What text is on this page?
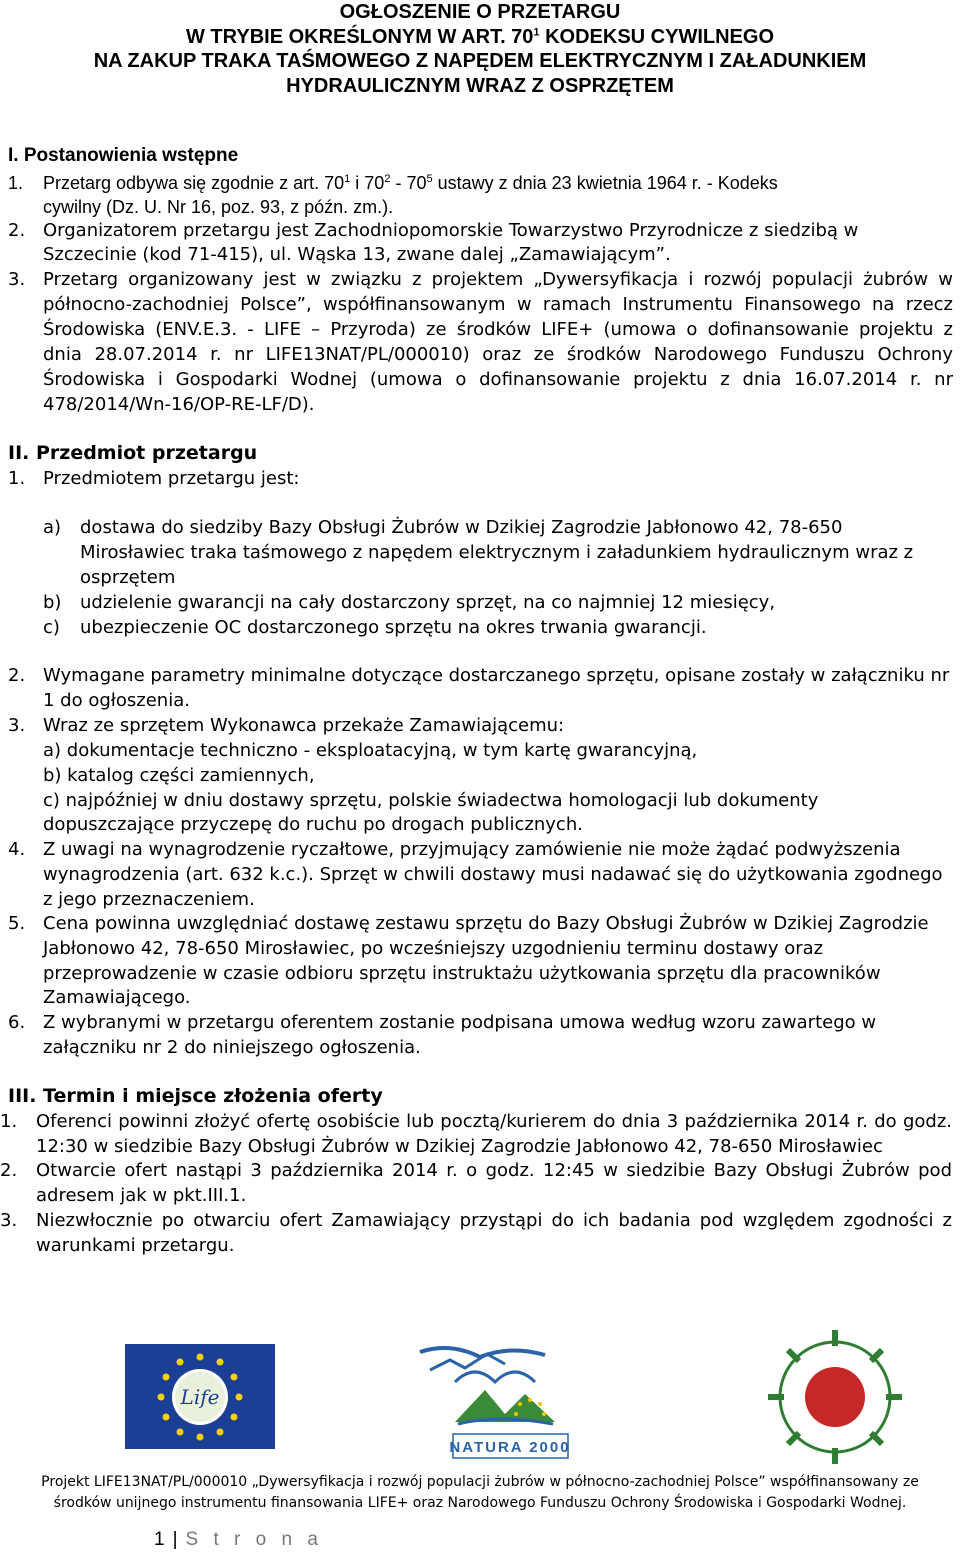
OGŁOSZENIE O PRZETARGU
W TRYBIE OKREŚLONYM W ART. $70^1$ KODEKSU CYWILNEGO
NA ZAKUP TRAKA TAŚMOWEGO Z NAPĘDEM ELEKTRYCZNYM I ZAŁADUNKIEM
HYDRAULICZNYM WRAZ Z OSPRZĘTEM
I. Postanowienia wstępne
1. Przetarg odbywa się zgodnie z art. $70^1$ i $70^2 - 70^5$ ustawy z dnia 23 kwietnia 1964 r. - Kodeks
cywilny (Dz. U. Nr 16, poz. 93, z późn. zm.).
2. Organizatorem przetargu jest Zachodniopomorskie Towarzystwo Przyrodnicze z siedzibą w
Szczecinie (kod 71-415), ul. Wąska 13, zwane dalej „Zamawiającym”.
3. Przetarg organizowany jest w związku z projektem „Dywersyfikacja i rozwój populacji żubrów w
północno-zachodniej Polsce”, współfinansowanym w ramach Instrumentu Finansowego na rzecz
Środowiska (ENV.E.3. - LIFE – Przyroda) ze środków LIFE+ (umowa o dofinansowanie projektu z
dnia 28.07.2014 r. nr LIFE13NAT/PL/000010) oraz ze środków Narodowego Funduszu Ochrony
Środowiska i Gospodarki Wodnej (umowa o dofinansowanie projektu z dnia 16.07.2014 r. nr
478/2014/Wn-16/OP-RE-LF/D).
II. Przedmiot przetargu
1. Przedmiotem przetargu jest:
a) dostawa do siedziby Bazy Obsługi Żubrów w Dzikiej Zagrodzie Jabłonowo 42, 78-650
Mirosławiec traka taśmowego z napędem elektrycznym i załadunkiem hydraulicznym wraz z
osprzętem
b) udzielenie gwarancji na cały dostarczony sprzęt, na co najmniej 12 miesięcy,
c) ubezpieczenie OC dostarczonego sprzętu na okres trwania gwarancji.
2. Wymagane parametry minimalne dotyczące dostarczanego sprzętu, opisane zostały w załączniku nr
1 do ogłoszenia.
3. Wraz ze sprzętem Wykonawca przekaże Zamawiającemu:
a) dokumentacje techniczno - eksploatacyjną, w tym kartę gwarancyjną,
b) katalog części zamiennych,
c) najpóźniej w dniu dostawy sprzętu, polskie świadectwa homologacji lub dokumenty
dopuszczające przyczepę do ruchu po drogach publicznych.
4. Z uwagi na wynagrodzenie ryczałtowe, przyjmujący zamówienie nie może żądać podwyższenia
wynagrodzenia (art. 632 k.c.). Sprzęt w chwili dostawy musi nadawać się do użytkowania zgodnego
z jego przeznaczeniem.
5. Cena powinna uwzględniać dostawę zestawu sprzętu do Bazy Obsługi Żubrów w Dzikiej Zagrodzie
Jabłonowo 42, 78-650 Mirosławiec, po wcześniejszy uzgodnieniu terminu dostawy oraz
przeprowadzenie w czasie odbioru sprzętu instruktażu użytkowania sprzętu dla pracowników
Zamawiającego.
6. Z wybranymi w przetargu oferentem zostanie podpisana umowa według wzoru zawartego w
załączniku nr 2 do niniejszego ogłoszenia.
III. Termin i miejsce złożenia oferty
1. Oferenci powinni złożyć ofertę osobiście lub pocztą/kurierem do dnia 3 października 2014 r. do godz.
12:30 w siedzibie Bazy Obsługi Żubrów w Dzikiej Zagrodzie Jabłonowo 42, 78-650 Mirosławiec
2. Otwarcie ofert nastąpi 3 października 2014 r. o godz. 12:45 w siedzibie Bazy Obsługi Żubrów pod
adresem jak w pkt.III.1.
3. Niezwłocznie po otwarciu ofert Zamawiający przystąpi do ich badania pod względem zgodności z
warunkami przetargu.
Life
NATURA 2000
Projekt LIFE13NAT/PL/000010 „Dywersyfikacja i rozwój populacji żubrów w północno-zachodniej Polsce” współfinansowany ze
środków unijnego instrumentu finansowania LIFE+ oraz Narodowego Funduszu Ochrony Środowiska i Gospodarki Wodnej.
1 | S t r o n a
